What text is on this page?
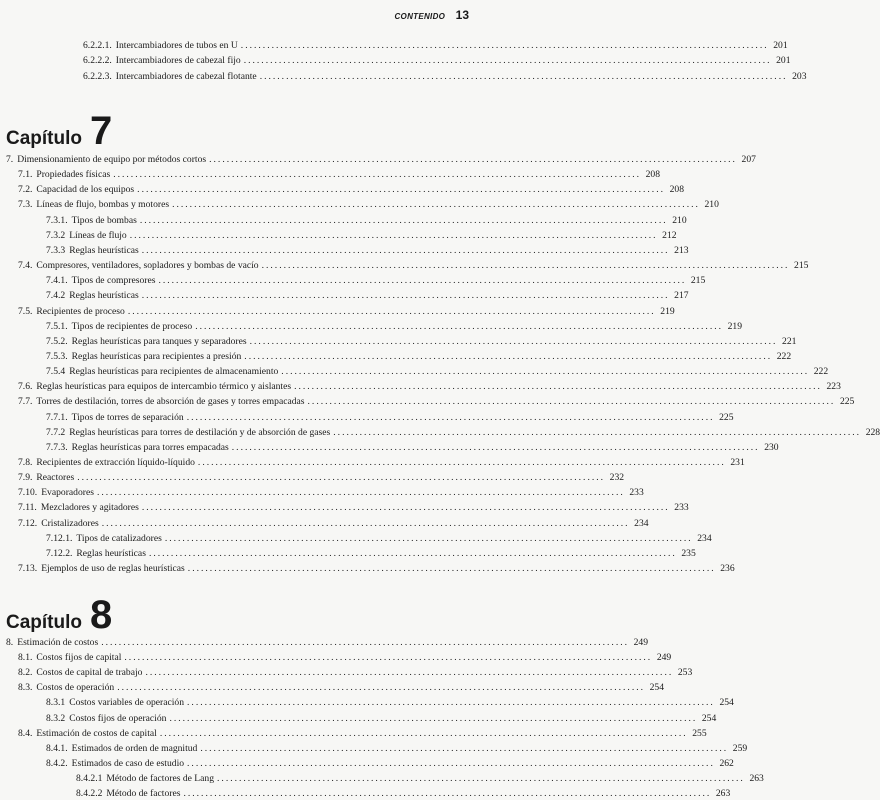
CONTENIDO 13
6.2.2.1. Intercambiadores de tubos en U ........................................................................................................................ 201
6.2.2.2. Intercambiadores de cabezal fijo ........................................................................................................................ 201
6.2.2.3. Intercambiadores de cabezal flotante ........................................................................................................................ 203
Capítulo 7
7. Dimensionamiento de equipo por métodos cortos ........................................................................................................................ 207
7.1. Propiedades físicas ........................................................................................................................ 208
7.2. Capacidad de los equipos ........................................................................................................................ 208
7.3. Líneas de flujo, bombas y motores ........................................................................................................................ 210
7.3.1. Tipos de bombas ........................................................................................................................ 210
7.3.2 Líneas de flujo ........................................................................................................................ 212
7.3.3 Reglas heurísticas ........................................................................................................................ 213
7.4. Compresores, ventiladores, sopladores y bombas de vacío ........................................................................................................................ 215
7.4.1. Tipos de compresores ........................................................................................................................ 215
7.4.2 Reglas heurísticas ........................................................................................................................ 217
7.5. Recipientes de proceso ........................................................................................................................ 219
7.5.1. Tipos de recipientes de proceso ........................................................................................................................ 219
7.5.2. Reglas heurísticas para tanques y separadores ........................................................................................................................ 221
7.5.3. Reglas heurísticas para recipientes a presión ........................................................................................................................ 222
7.5.4 Reglas heurísticas para recipientes de almacenamiento ........................................................................................................................ 222
7.6. Reglas heurísticas para equipos de intercambio térmico y aislantes ........................................................................................................................ 223
7.7. Torres de destilación, torres de absorción de gases y torres empacadas ........................................................................................................................ 225
7.7.1. Tipos de torres de separación ........................................................................................................................ 225
7.7.2 Reglas heurísticas para torres de destilación y de absorción de gases ........................................................................................................................ 228
7.7.3. Reglas heurísticas para torres empacadas ........................................................................................................................ 230
7.8. Recipientes de extracción líquido-líquido ........................................................................................................................ 231
7.9. Reactores ........................................................................................................................ 232
7.10. Evaporadores ........................................................................................................................ 233
7.11. Mezcladores y agitadores ........................................................................................................................ 233
7.12. Cristalizadores ........................................................................................................................ 234
7.12.1. Tipos de catalizadores ........................................................................................................................ 234
7.12.2. Reglas heurísticas ........................................................................................................................ 235
7.13. Ejemplos de uso de reglas heurísticas ........................................................................................................................ 236
Capítulo 8
8. Estimación de costos ........................................................................................................................ 249
8.1. Costos fijos de capital ........................................................................................................................ 249
8.2. Costos de capital de trabajo ........................................................................................................................ 253
8.3. Costos de operación ........................................................................................................................ 254
8.3.1 Costos variables de operación ........................................................................................................................ 254
8.3.2 Costos fijos de operación ........................................................................................................................ 254
8.4. Estimación de costos de capital ........................................................................................................................ 255
8.4.1. Estimados de orden de magnitud ........................................................................................................................ 259
8.4.2. Estimados de caso de estudio ........................................................................................................................ 262
8.4.2.1 Método de factores de Lang ........................................................................................................................ 263
8.4.2.2 Método de factores ........................................................................................................................ 263
